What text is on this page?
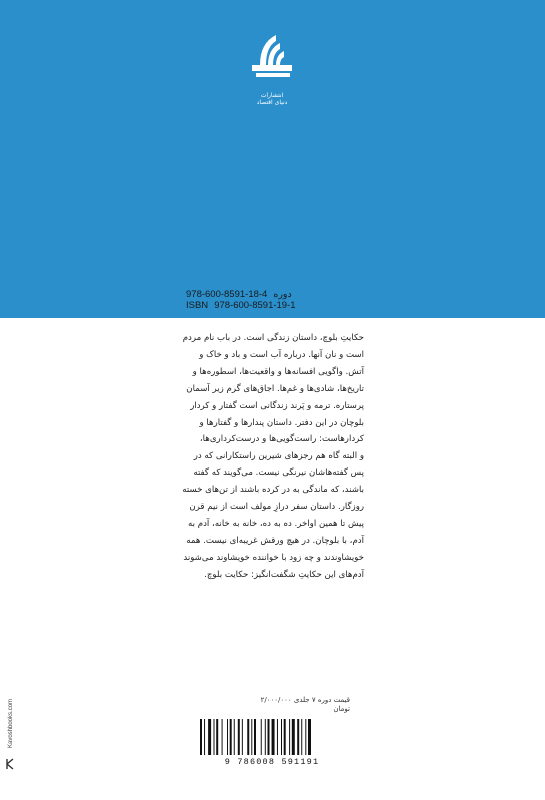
انتشارات
دنیای اقتصاد
978-600-8591-18-4 دوره
ISBN 978-600-8591-19-1

حکایتِ بلوچ، داستان زندگی است. در باب نام مردم

است و نان آنها. درباره آب است و باد و خاک و

آتش. واگویی افسانه‌ها و واقعیت‌ها، اسطوره‌ها و

تاریخ‌ها، شادی‌ها و غم‌ها. اجاق‌های گرم زیر آسمان

پرستاره. ترمه و پَرند زندگانی است گفتار و کردار

بلوچان در این دفتر. داستان پندارها و گفتارها و

کردارهاست: راست‌گویی‌ها و درست‌کرداری‌ها،

و البته گاه هم رجزهای شیرین راستکارانی که در

پس گفته‌هاشان نیرنگی نیست. می‌گویند که گفته

باشند، که ماندگی به در کرده باشند از تن‌های خسته

روزگار. داستان سفر درازِ مولف است از نیم قرن

پیش تا همین اواخر. ده به ده، خانه به خانه، آدم به

آدم، با بلوچان. در هیچ ورقش غریبه‌ای نیست. همه

خویشاوندند و چه زود با خواننده خویشاوند می‌شوند

آدم‌های این حکایتِ شگفت‌انگیز: حکایت بلوچ.

قیمت دوره ۷ جلدی ۲/۰۰۰/۰۰۰
تومان
9 786008 591191
Kavoshbooks.com
